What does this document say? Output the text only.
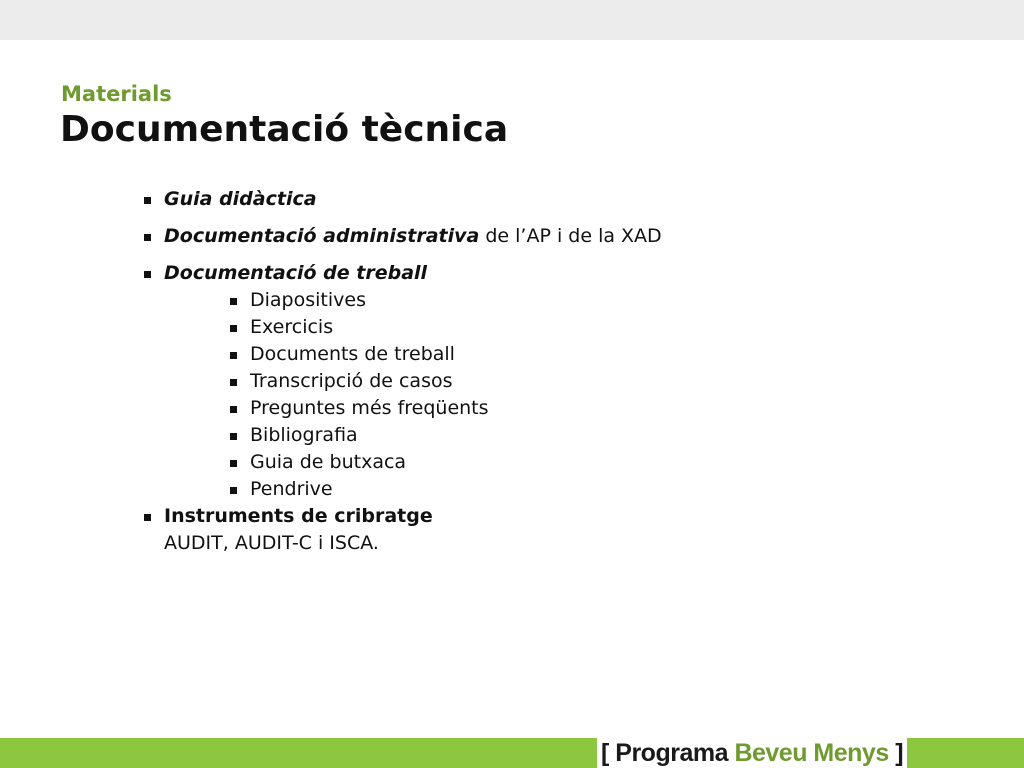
Materials
Documentació tècnica
Guia didàctica
Documentació administrativa de l’AP i de la XAD
Documentació de treball
Diapositives
Exercicis
Documents de treball
Transcripció de casos
Preguntes més freqüents
Bibliografia
Guia de butxaca
Pendrive
Instruments de cribratge
AUDIT, AUDIT-C i ISCA.
[ Programa Beveu Menys ]
